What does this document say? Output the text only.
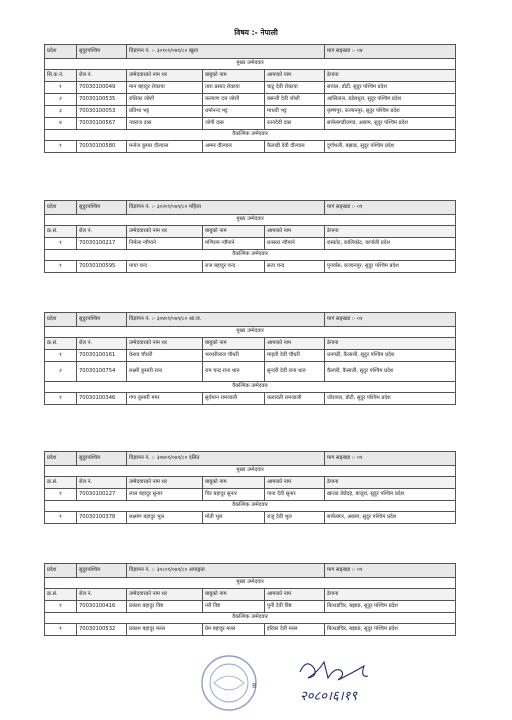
विषय :- नेपाली
प्रदेश	सुदूरपश्चिम	विज्ञापन नं. :- ३०१०१/०७९/८० खुला			माग सङ्ख्या :- ०४
मुख्य उम्मेदवार					
सि.क.नं.	रोल नं.	उम्मेदवारको नाम थर	बाबुको नाम	आमाको नाम	ठेगाना
१	70030100049	मान बहादुर रोकाया	तारा प्रसाद रोकाया	चाटु देवी रोकाया	सायल, डोटी, सुदुर पश्चिम प्रदेश
२	70030100535	राधिका जोशी	कल्याण दत्त जोशी	बसन्ती देवी जोशी	आलिताल, डडेलधुरा, सुदुर पश्चिम प्रदेश
३	70030100053	प्रतिभा भट्ट	धर्मानन्द भट्ट	माधवी भट्ट	कृष्णपुर, कञ्चनपुर, सुदुर पश्चिम प्रदेश
४	70030100567	नवराज दास	जोगी दास	रतनदेवी दास	साफेबगडीजगड, अछाम, सुदुर पश्चिम प्रदेश
वैकल्पिक उम्मेदवार					
१	70030100580	मनोज कुमार दौल्याल	अम्मर दौल्याल	कैलाडी देवी दौल्याल	दुर्गाथली, बझाङ, सुदुर पश्चिम प्रदेश
प्रदेश	सुदुरपश्चिम	विज्ञापन नं. :- ३०२०१/०७९/८० महिला			माग सङ्ख्या :- ०१
मुख्य उम्मेदवार					
क्र.सं.	रोल नं.	उम्मेदवारको नाम थर	बाबुको नाम	आमाको नाम	ठेगाना
१	70030100217	निर्मला न्यौपाने	मणिराम न्यौपाने	धनसरा न्यौपाने	रास्कोट, कालिकोट, कर्णाली प्रदेश
वैकल्पिक उम्मेदवार					
१	70030100595	माया चन्द	राज बहादुर चन्द	सत्य चन्द	पुनर्वास, कञ्चनपुर, सुदुर पश्चिम प्रदेश
प्रदेश	सुदुरपश्चिम	विज्ञापन नं. :- ३०४०१/०७९/८० आ.ज.			माग सङ्ख्या :- ०२
मुख्य उम्मेदवार					
क्र.सं.	रोल नं.	उम्मेदवारको नाम थर	बाबुको नाम	आमाको नाम	ठेगाना
१	70030100161	केशव चौधरी	भरथरीलाल चौधरी	माइती देवी चौधरी	धनगढी, कैलाली, सुदुर पश्चिम प्रदेश
२	70030100754	लक्ष्मी कुमारी राना	राम चन्द्र राना थारु	सुन्दरी देवी राना थारु	कैलारी, कैलाली, सुदुर पश्चिम प्रदेश
वैकल्पिक उम्मेदवार					
१	70030100346	गंगा कुमारी मगर	सुर्यमान रामजाली	कलावती रामजाली	जोरायल, डोटी, सुदुर पश्चिम प्रदेश
प्रदेश	सुदुरपश्चिम	विज्ञापन नं. :- ३०७०१/०७९/८० दलित			माग सङ्ख्या :- ०१
मुख्य उम्मेदवार					
क्र.सं.	रोल नं.	उम्मेदवारको नाम थर	बाबुको नाम	आमाको नाम	ठेगाना
१	70030100127	लाल बहादुर सुनार	चिर बहादुर सुनार	पाना देवी सुनार	खप्तड छेडेदह, बाजुरा, सुदुर पश्चिम प्रदेश
वैकल्पिक उम्मेदवार					
१	70030100378	लक्ष्मण बहादुर भुल	मोती भुल	राजु देवी भुल	साफेबगर, अछाम, सुदुर पश्चिम प्रदेश
प्रदेश	सुदुरपश्चिम	विज्ञापन नं. :- ३०८०१/०७९/८० अपाङ्गता			माग सङ्ख्या :- ०१
मुख्य उम्मेदवार					
क्र.सं.	रोल नं.	उम्मेदवारको नाम थर	बाबुको नाम	आमाको नाम	ठेगाना
१	70030100416	प्रकाश बहादुर विष्ट	नरी विष्ट	पुनी देवी विष्ट	बित्थडचिर, बझाङ, सुदुर पश्चिम प्रदेश
वैकल्पिक उम्मेदवार					
१	70030100532	प्रकाश बहादुर मल्ल	प्रेम बहादुर मल्ल	इरिका देवी मल्ल	बित्थडचिर, बझाङ, सुदुर पश्चिम प्रदेश
8
२०८०।६।१९
